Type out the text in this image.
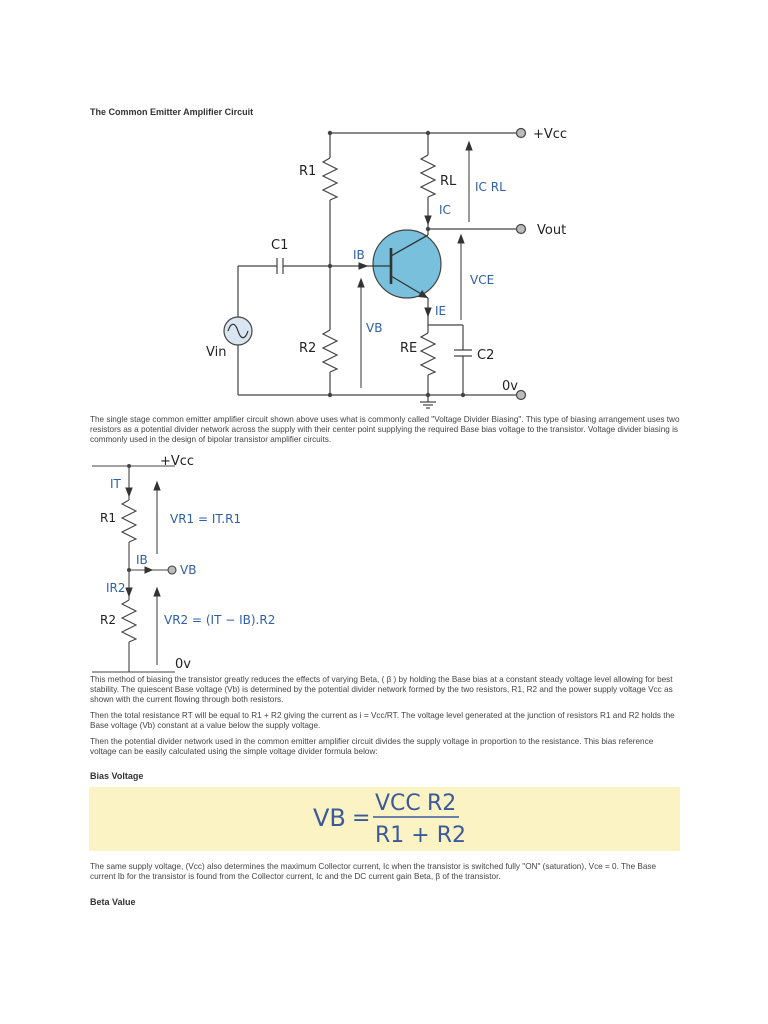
The Common Emitter Amplifier Circuit
+Vcc
Vout
Vin
0v
R1
R2
RL
RE
C1
C2
IC RL
IC
IB
IE
VB
VCE
The single stage common emitter amplifier circuit shown above uses what is commonly called "Voltage Divider Biasing". This type of biasing arrangement uses two resistors as a potential divider network across the supply with their center point supplying the required Base bias voltage to the transistor. Voltage divider biasing is commonly used in the design of bipolar transistor amplifier circuits.
+Vcc
0v
R1
R2
IT
IB
VB
IR2
VR1 = IT.R1
VR2 = (IT − IB).R2
This method of biasing the transistor greatly reduces the effects of varying Beta, ( β ) by holding the Base bias at a constant steady voltage level allowing for best stability. The quiescent Base voltage (Vb) is determined by the potential divider network formed by the two resistors, R1, R2 and the power supply voltage Vcc as shown with the current flowing through both resistors.
Then the total resistance RT will be equal to R1 + R2 giving the current as i = Vcc/RT. The voltage level generated at the junction of resistors R1 and R2 holds the Base voltage (Vb) constant at a value below the supply voltage.
Then the potential divider network used in the common emitter amplifier circuit divides the supply voltage in proportion to the resistance. This bias reference voltage can be easily calculated using the simple voltage divider formula below:
Bias Voltage
VB =
VCC R2
R1 + R2
The same supply voltage, (Vcc) also determines the maximum Collector current, Ic when the transistor is switched fully "ON" (saturation), Vce = 0. The Base current Ib for the transistor is found from the Collector current, Ic and the DC current gain Beta, β of the transistor.
Beta Value
